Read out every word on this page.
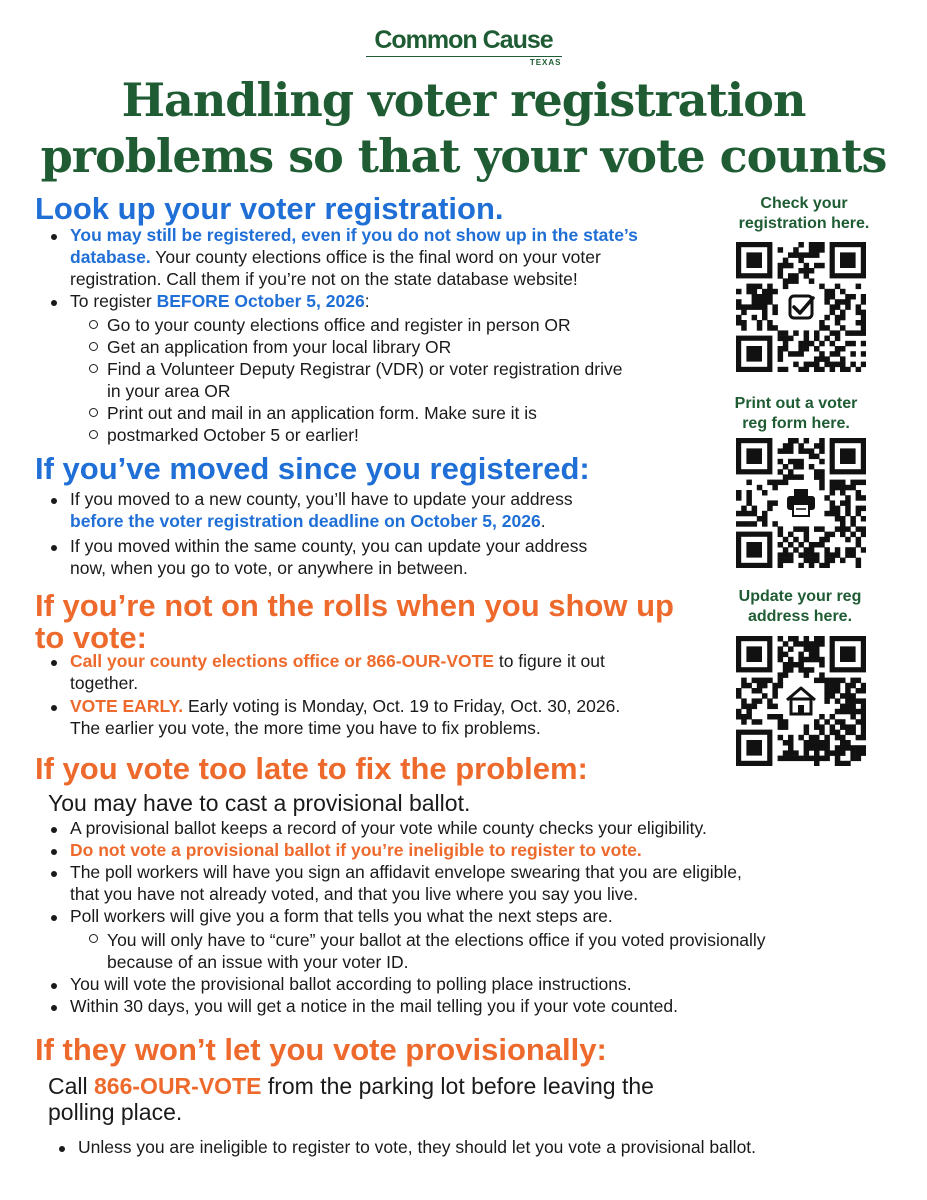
Common Cause
TEXAS
Handling voter registration
problems so that your vote counts
Look up your voter registration.
You may still be registered, even if you do not show up in the state’s
database. Your county elections office is the final word on your voter
registration. Call them if you’re not on the state database website!
To register BEFORE October 5, 2026:
Go to your county elections office and register in person OR
Get an application from your local library OR
Find a Volunteer Deputy Registrar (VDR) or voter registration drive
in your area OR
Print out and mail in an application form. Make sure it is
postmarked October 5 or earlier!
If you’ve moved since you registered:
If you moved to a new county, you’ll have to update your address
before the voter registration deadline on October 5, 2026.
If you moved within the same county, you can update your address
now, when you go to vote, or anywhere in between.
If you’re not on the rolls when you show up
to vote:
Call your county elections office or 866-OUR-VOTE to figure it out
together.
VOTE EARLY. Early voting is Monday, Oct. 19 to Friday, Oct. 30, 2026.
The earlier you vote, the more time you have to fix problems.
If you vote too late to fix the problem:
You may have to cast a provisional ballot.
A provisional ballot keeps a record of your vote while county checks your eligibility.
Do not vote a provisional ballot if you’re ineligible to register to vote.
The poll workers will have you sign an affidavit envelope swearing that you are eligible,
that you have not already voted, and that you live where you say you live.
Poll workers will give you a form that tells you what the next steps are.
You will only have to “cure” your ballot at the elections office if you voted provisionally
because of an issue with your voter ID.
You will vote the provisional ballot according to polling place instructions.
Within 30 days, you will get a notice in the mail telling you if your vote counted.
If they won’t let you vote provisionally:
Call 866-OUR-VOTE from the parking lot before leaving the
polling place.
Unless you are ineligible to register to vote, they should let you vote a provisional ballot.
Check your
registration here.
Print out a voter
reg form here.
Update your reg
address here.
